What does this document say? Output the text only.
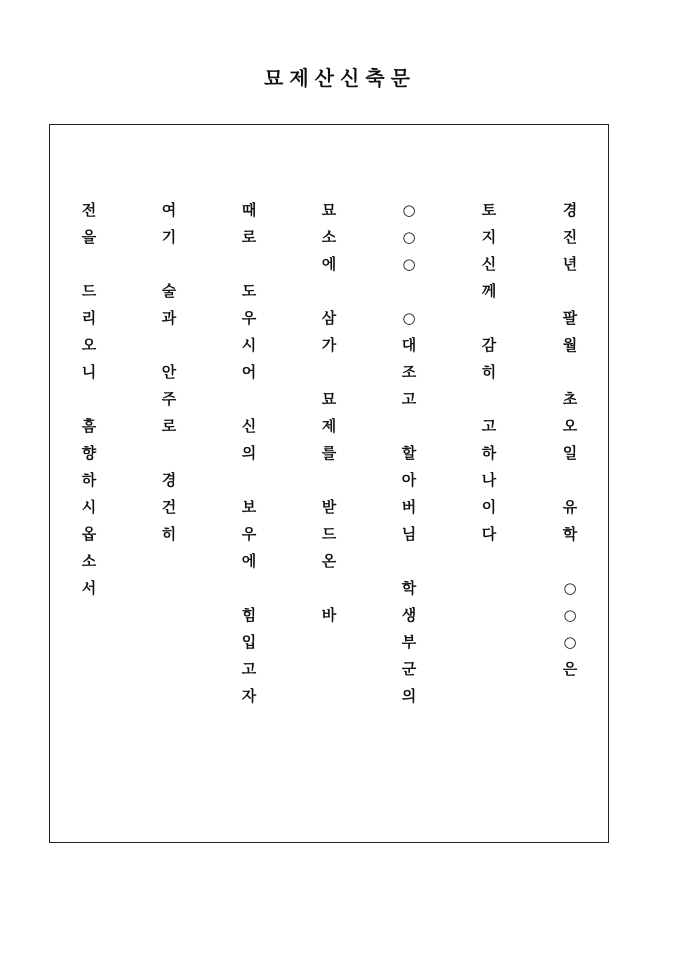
묘제산신축문
경
진
년
팔
월
초
오
일
유
학
○
○
○
은
토
지
신
께
감
히
고
하
나
이
다
○
○
○
○
대
조
고
할
아
버
님
학
생
부
군
의
묘
소
에
삼
가
묘
제
를
받
드
온
바
때
로
도
우
시
어
신
의
보
우
에
힘
입
고
자
여
기
술
과
안
주
로
경
건
히
전
을
드
리
오
니
흠
향
하
시
옵
소
서
